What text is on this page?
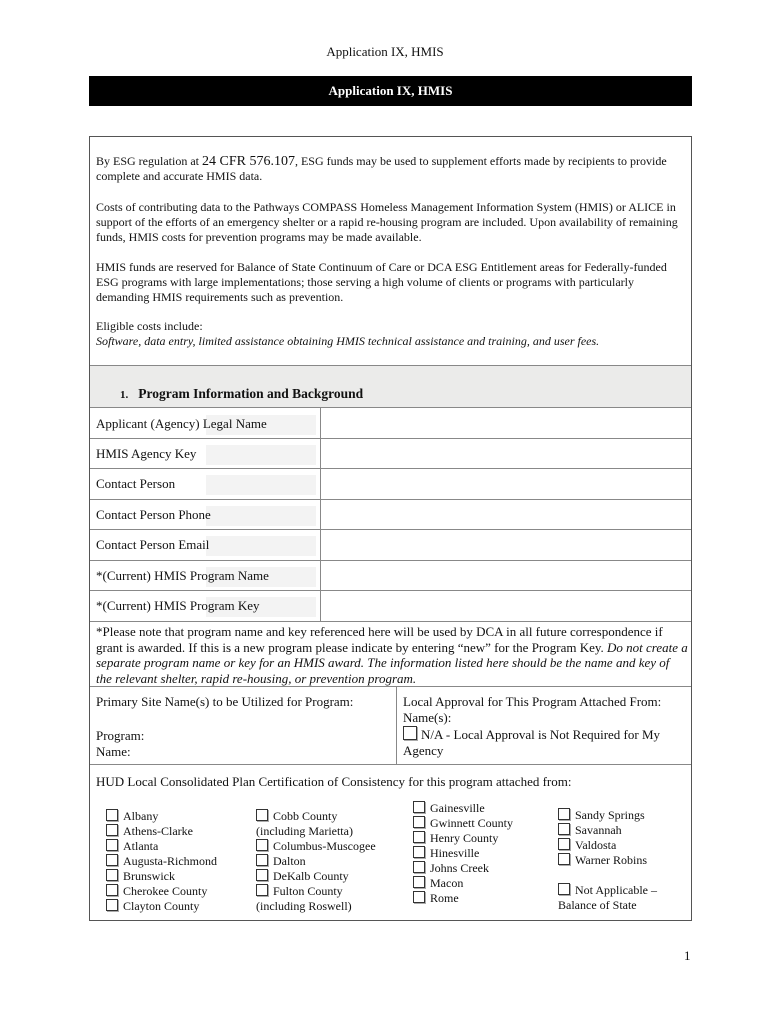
Application IX, HMIS
Application IX, HMIS
By ESG regulation at 24 CFR 576.107, ESG funds may be used to supplement efforts made by recipients to provide complete and accurate HMIS data.
Costs of contributing data to the Pathways COMPASS Homeless Management Information System (HMIS) or ALICE in support of the efforts of an emergency shelter or a rapid re-housing program are included. Upon availability of remaining funds, HMIS costs for prevention programs may be made available.
HMIS funds are reserved for Balance of State Continuum of Care or DCA ESG Entitlement areas for Federally-funded ESG programs with large implementations; those serving a high volume of clients or programs with particularly demanding HMIS requirements such as prevention.
Eligible costs include:
Software, data entry, limited assistance obtaining HMIS technical assistance and training, and user fees.
1. Program Information and Background
Applicant (Agency) Legal Name
HMIS Agency Key
Contact Person
Contact Person Phone
Contact Person Email
*(Current) HMIS Program Name
*(Current) HMIS Program Key
*Please note that program name and key referenced here will be used by DCA in all future correspondence if grant is awarded. If this is a new program please indicate by entering “new” for the Program Key. Do not create a separate program name or key for an HMIS award. The information listed here should be the name and key of the relevant shelter, rapid re-housing, or prevention program.
Primary Site Name(s) to be Utilized for Program:
Program:
Name:
Local Approval for This Program Attached From:
Name(s):
N/A - Local Approval is Not Required for My
Agency
HUD Local Consolidated Plan Certification of Consistency for this program attached from:
Albany
Athens-Clarke
Atlanta
Augusta-Richmond
Brunswick
Cherokee County
Clayton County
Cobb County
(including Marietta)
Columbus-Muscogee
Dalton
DeKalb County
Fulton County
(including Roswell)
Gainesville
Gwinnett County
Henry County
Hinesville
Johns Creek
Macon
Rome
Sandy Springs
Savannah
Valdosta
Warner Robins
Not Applicable –
Balance of State
1
